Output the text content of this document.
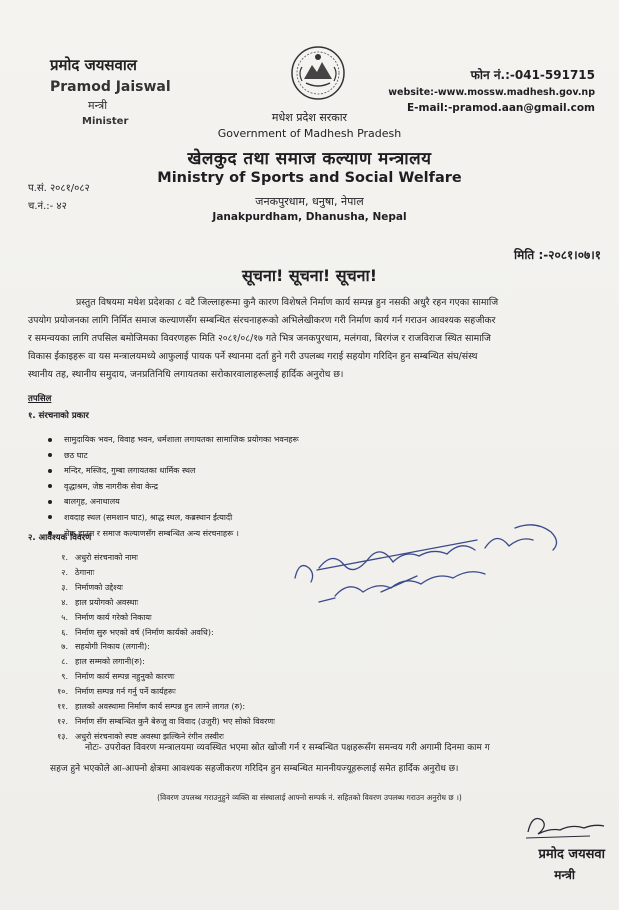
प्रमोद जयसवाल
Pramod Jaiswal
मन्त्री
Minister	मधेश प्रदेश सरकार
Government of Madhesh Pradesh
खेलकुद तथा समाज कल्याण मन्त्रालय
Ministry of Sports and Social Welfare
जनकपुरधाम, धनुषा, नेपाल
Janakpurdham, Dhanusha, Nepal
फोन नं.:-041-591715
website:-www.mossw.madhesh.gov.np
E-mail:-pramod.aan@gmail.com
प.सं. २०८१/०८२
च.नं.:- ४२
मिति :-२०८१।०७।१
सूचना! सूचना! सूचना!
प्रस्तुत विषयमा मधेश प्रदेशका ८ वटै जिल्लाहरूमा कुनै कारण विशेषले निर्माण कार्य सम्पन्न हुन नसकी अधुरै रहन गएका सामाजि
उपयोग प्रयोजनका लागि निर्मित समाज कल्याणसँग सम्बन्धित संरचनाहरूको अभिलेखीकरण गरी निर्माण कार्य गर्न गराउन आवश्यक सहजीकर
र समन्वयका लागि तपसिल बमोजिमका विवरणहरू मिति २०८१/०८/१७ गते भित्र जनकपुरधाम, मलंगवा, बिरगंज र राजविराज स्थित सामाजि
विकास ईकाइहरू वा यस मन्त्रालयमध्ये आफुलाई पायक पर्ने स्थानमा दर्ता हुने गरी उपलब्ध गराई सहयोग गरिदिन हुन सम्बन्धित संघ/संस्थ
स्थानीय तह, स्थानीय समुदाय, जनप्रतिनिधि लगायतका सरोकारवालाहरूलाई हार्दिक अनुरोध छ।
तपसिल
१. संरचनाको प्रकार
सामुदायिक भवन, विवाह भवन, धर्मशाला लगायतका सामाजिक प्रयोगका भवनहरू
छठ घाट
मन्दिर, मस्जिद, गुम्बा लगायतका धार्मिक स्थल
वृद्धाश्रम, जेष्ठ नागरीक सेवा केन्द्र
बालगृह, अनाथालय
शवदाह स्थल (समशान घाट), श्राद्ध स्थल, कब्रस्थान ईत्यादी
सेफ हाउस र समाज कल्याणसँग सम्बन्धित अन्य संरचनाहरू ।
२. आवश्यक विवरण
१. अधुरो संरचनाको नामः
२. ठेगानाः
३. निर्माणको उद्देश्यः
४. हाल प्रयोगको अवस्थाः
५. निर्माण कार्य गरेको निकायः
६. निर्माण सुरु भएको वर्ष (निर्माण कार्यको अवधि):
७. सहयोगी निकाय (लगानी):
८. हाल सम्मको लगानी(रु):
९. निर्माण कार्य सम्पन्न नहुनुको कारणः
१०. निर्माण सम्पन्न गर्न गर्नु पर्ने कार्यहरूः
११. हालको अवस्थामा निर्माण कार्य सम्पन्न हुन लाग्ने लागत (रु):
१२. निर्माण सँग सम्बन्धित कुनै बेरुजु वा विवाद (उजुरी) भए सोको विवरणः
१३. अधुरो संरचनाको स्पष्ट अवस्था झल्किने रंगीन तस्वीरः
नोटः- उपरोक्त विवरण मन्त्रालयमा व्यवस्थित भएमा स्रोत खोजी गर्न र सम्बन्धित पक्षहरूसँग समन्वय गरी अगामी दिनमा काम ग
सहज हुने भएकोले आ-आफ्नो क्षेत्रमा आवश्यक सहजीकरण गरिदिन हुन सम्बन्धित माननीयज्यूहरूलाई समेत हार्दिक अनुरोध छ।
(विवरण उपलब्ध गराउनुहुने व्यक्ति वा संस्थालाई आफ्नो सम्पर्क नं. सहितको विवरण उपलब्ध गराउन अनुरोध छ ।)
प्रमोद जयसवा
मन्त्री
